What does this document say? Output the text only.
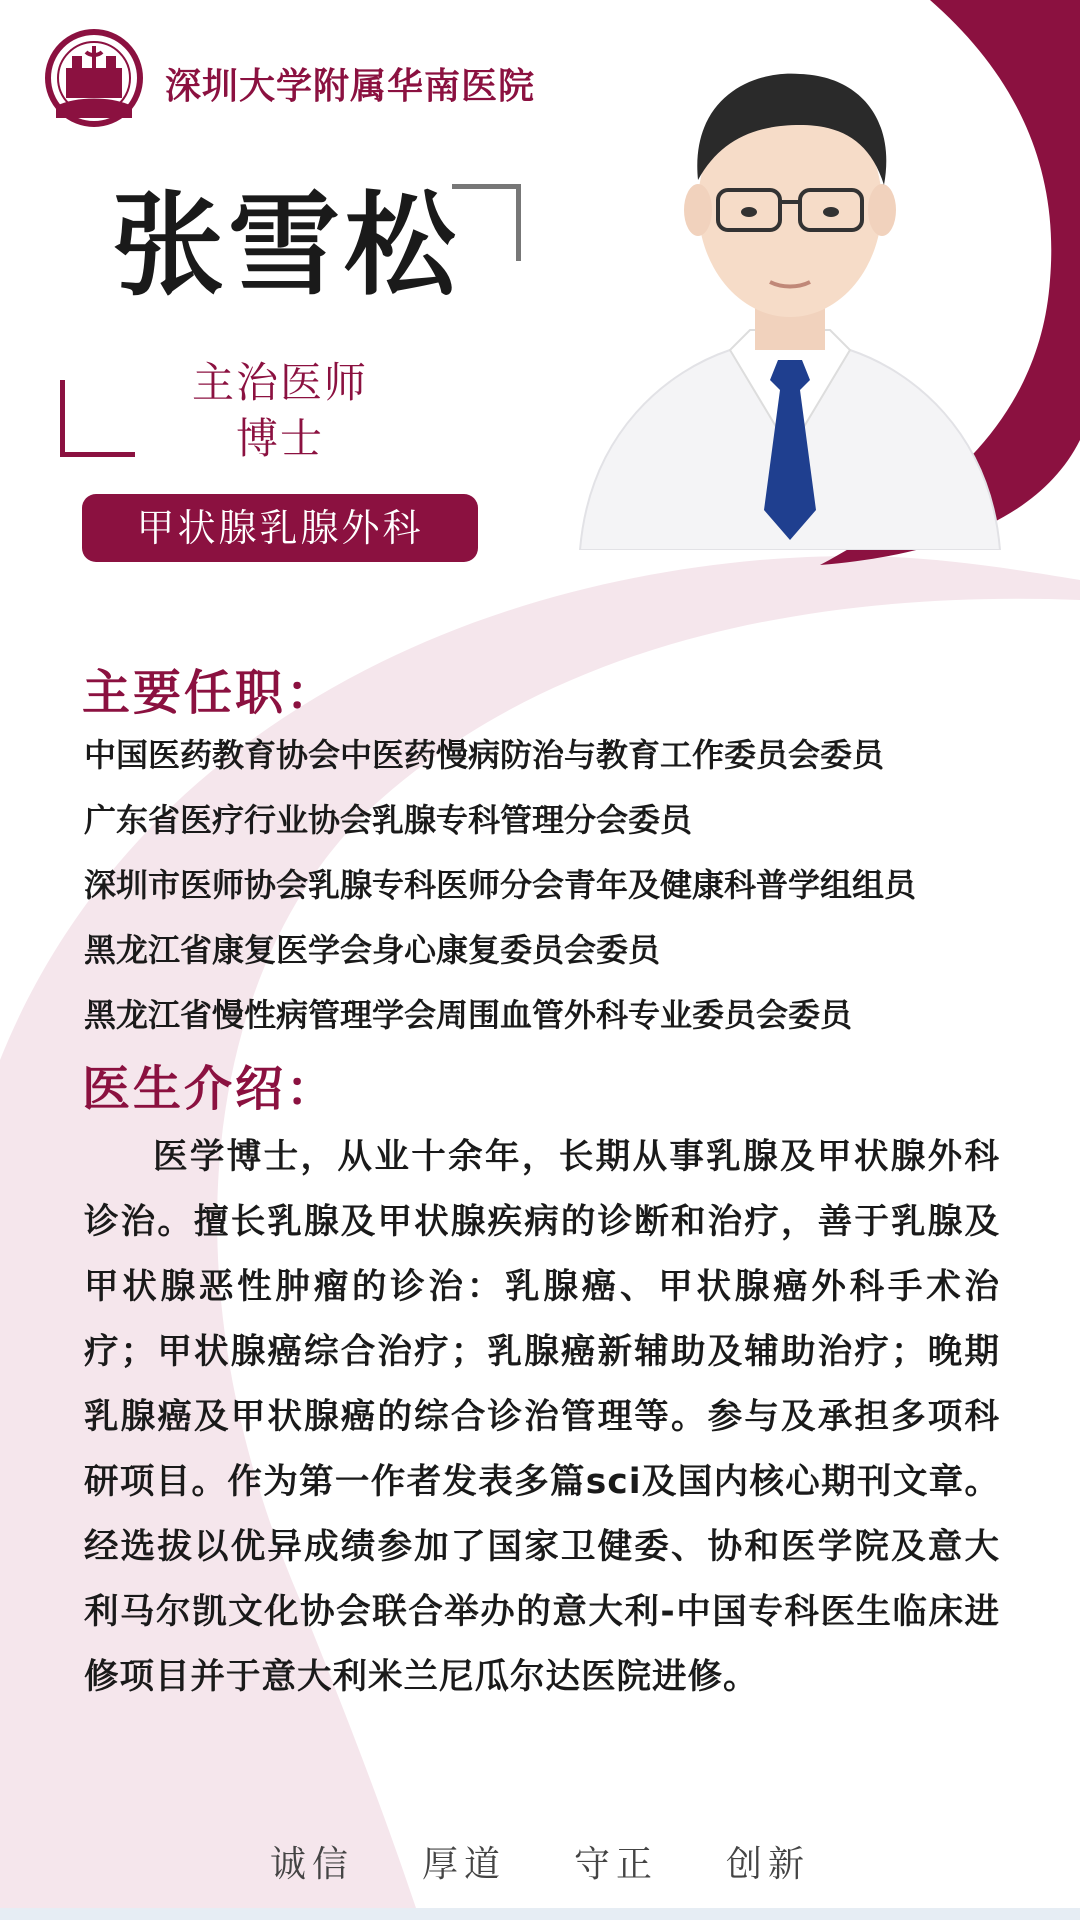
深圳大学附属华南医院
张雪松
主治医师
博士
甲状腺乳腺外科
主要任职：
中国医药教育协会中医药慢病防治与教育工作委员会委员
广东省医疗行业协会乳腺专科管理分会委员
深圳市医师协会乳腺专科医师分会青年及健康科普学组组员
黑龙江省康复医学会身心康复委员会委员
黑龙江省慢性病管理学会周围血管外科专业委员会委员
医生介绍：

医学博士，从业十余年，长期从事乳腺及甲状腺外科诊治。擅长乳腺及甲状腺疾病的诊断和治疗，善于乳腺及甲状腺恶性肿瘤的诊治：乳腺癌、甲状腺癌外科手术治疗；甲状腺癌综合治疗；乳腺癌新辅助及辅助治疗；晚期乳腺癌及甲状腺癌的综合诊治管理等。参与及承担多项科研项目。作为第一作者发表多篇sci及国内核心期刊文章。经选拔以优异成绩参加了国家卫健委、协和医学院及意大利马尔凯文化协会联合举办的意大利-中国专科医生临床进修项目并于意大利米兰尼瓜尔达医院进修。

诚信 厚道 守正 创新
